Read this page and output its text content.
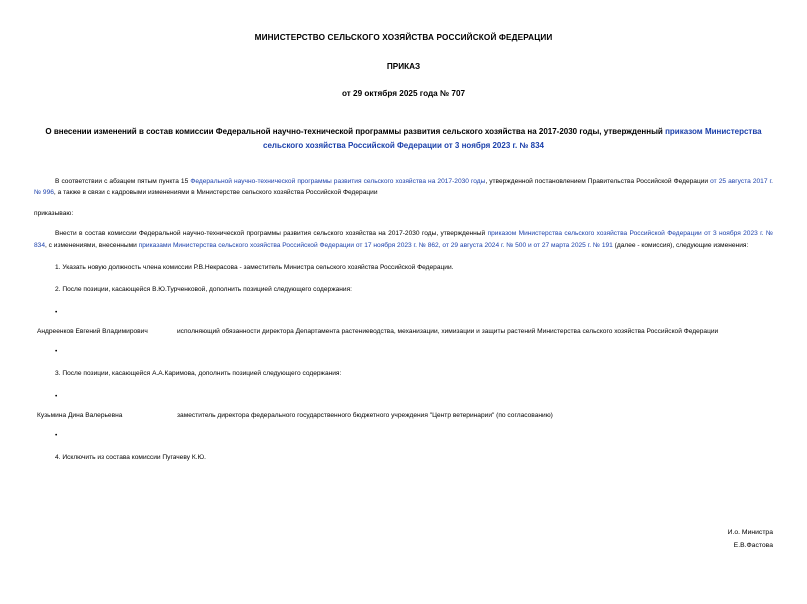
МИНИСТЕРСТВО СЕЛЬСКОГО ХОЗЯЙСТВА РОССИЙСКОЙ ФЕДЕРАЦИИ
ПРИКАЗ
от 29 октября 2025 года № 707
О внесении изменений в состав комиссии Федеральной научно-технической программы развития сельского хозяйства на 2017-2030 годы, утвержденный приказом Министерства сельского хозяйства Российской Федерации от 3 ноября 2023 г. № 834

В соответствии с абзацем пятым пункта 15 Федеральной научно-технической программы развития сельского хозяйства на 2017-2030 годы, утвержденной постановлением Правительства Российской Федерации от 25 августа 2017 г. № 996, а также в связи с кадровыми изменениями в Министерстве сельского хозяйства Российской Федерации

приказываю:

Внести в состав комиссии Федеральной научно-технической программы развития сельского хозяйства на 2017-2030 годы, утвержденный приказом Министерства сельского хозяйства Российской Федерации от 3 ноября 2023 г. № 834, с изменениями, внесенными приказами Министерства сельского хозяйства Российской Федерации от 17 ноября 2023 г. № 862, от 29 августа 2024 г. № 500 и от 27 марта 2025 г. № 191 (далее - комиссия), следующие изменения:

1. Указать новую должность члена комиссии Р.В.Некрасова - заместитель Министра сельского хозяйства Российской Федерации.

2. После позиции, касающейся В.Ю.Турченковой, дополнить позицией следующего содержания:

•
Андреенков Евгений Владимирович	исполняющий обязанности директора Департамента растениеводства, механизации, химизации и защиты растений Министерства сельского хозяйства Российской Федерации
•

3. После позиции, касающейся А.А.Каримова, дополнить позицией следующего содержания:

•
Кузьмина Дина Валерьевна	заместитель директора федерального государственного бюджетного учреждения "Центр ветеринарии" (по согласованию)
•

4. Исключить из состава комиссии Пугачеву К.Ю.

И.о. Министра
Е.В.Фастова
